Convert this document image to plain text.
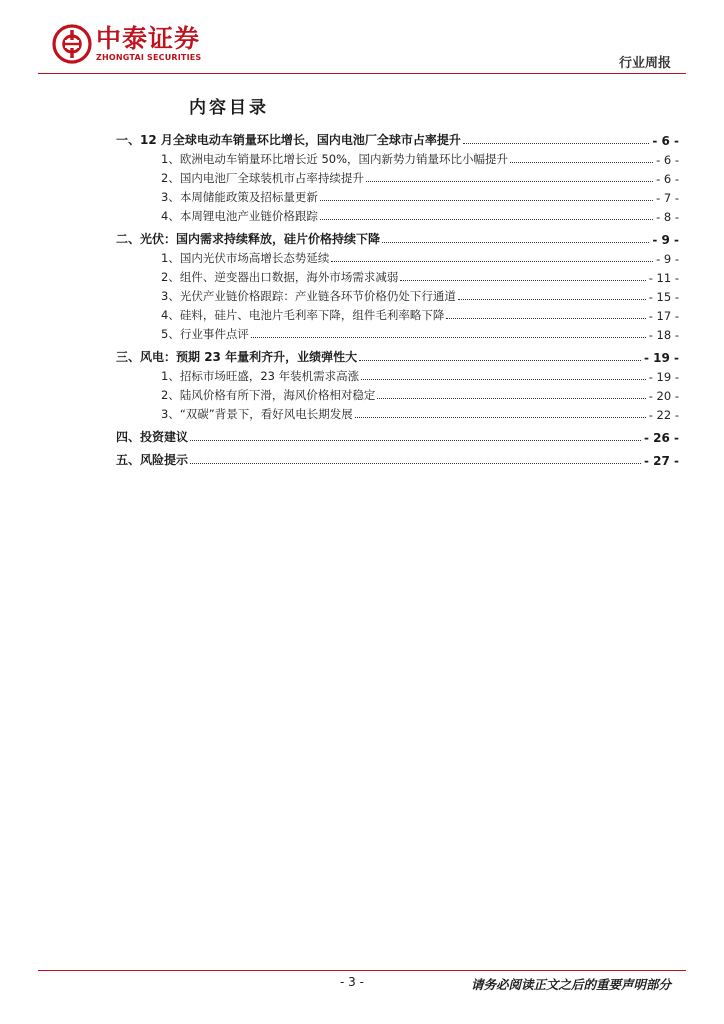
中泰证券
ZHONGTAI SECURITIES	行业周报
内容目录
一、 12 月全球电动车销量环比增长，国内电池厂全球市占率提升	- 6 -
1、 欧洲电动车销量环比增长近 50%，国内新势力销量环比小幅提升	- 6 -
2、 国内电池厂全球装机市占率持续提升	- 6 -
3、 本周储能政策及招标量更新	- 7 -
4、 本周锂电池产业链价格跟踪	- 8 -
二、 光伏：国内需求持续释放，硅片价格持续下降	- 9 -
1、 国内光伏市场高增长态势延续	- 9 -
2、 组件、逆变器出口数据，海外市场需求减弱	- 11 -
3、 光伏产业链价格跟踪：产业链各环节价格仍处下行通道	- 15 -
4、 硅料，硅片、电池片毛利率下降，组件毛利率略下降	- 17 -
5、 行业事件点评	- 18 -
三、 风电：预期 23 年量利齐升，业绩弹性大	- 19 -
1、 招标市场旺盛，23 年装机需求高涨	- 19 -
2、 陆风价格有所下滑，海风价格相对稳定	- 20 -
3、 “双碳”背景下，看好风电长期发展	- 22 -
四、 投资建议	- 26 -
五、 风险提示	- 27 -
- 3 -	请务必阅读正文之后的重要声明部分
